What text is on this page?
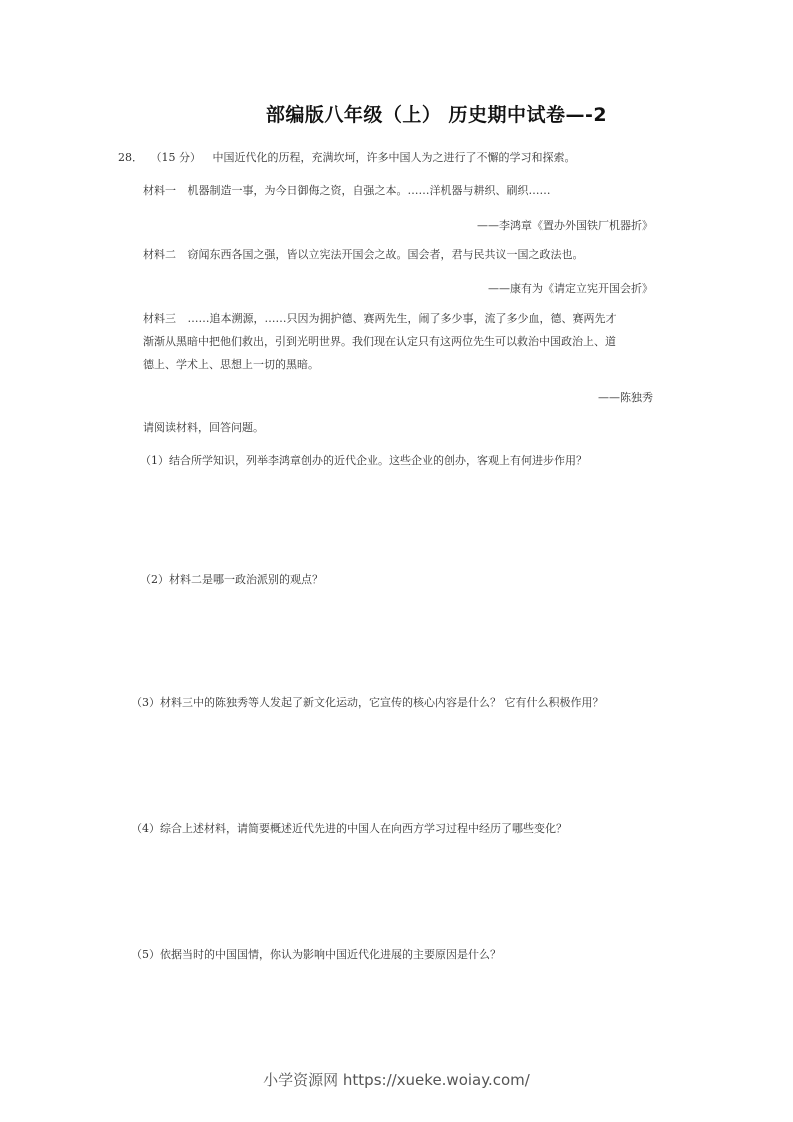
部编版八年级（上） 历史期中试卷—-2
28． （15 分） 中国近代化的历程，充满坎坷，许多中国人为之进行了不懈的学习和探索。
材料一 机器制造一事，为今日御侮之资，自强之本。……洋机器与耕织、刷织……
——李鸿章《置办外国铁厂机器折》
材料二 窃闻东西各国之强，皆以立宪法开国会之故。国会者，君与民共议一国之政法也。
——康有为《请定立宪开国会折》
材料三 ……追本溯源，……只因为拥护德、赛两先生，闹了多少事，流了多少血，德、赛两先才
渐渐从黑暗中把他们救出，引到光明世界。我们现在认定只有这两位先生可以救治中国政治上、道
德上、学术上、思想上一切的黑暗。
——陈独秀
请阅读材料，回答问题。
（1）结合所学知识，列举李鸿章创办的近代企业。这些企业的创办，客观上有何进步作用？
（2）材料二是哪一政治派别的观点？
（3）材料三中的陈独秀等人发起了新文化运动，它宣传的核心内容是什么？ 它有什么积极作用？
（4）综合上述材料，请简要概述近代先进的中国人在向西方学习过程中经历了哪些变化？
（5）依据当时的中国国情，你认为影响中国近代化进展的主要原因是什么？
小学资源网 https://xueke.woiay.com/
